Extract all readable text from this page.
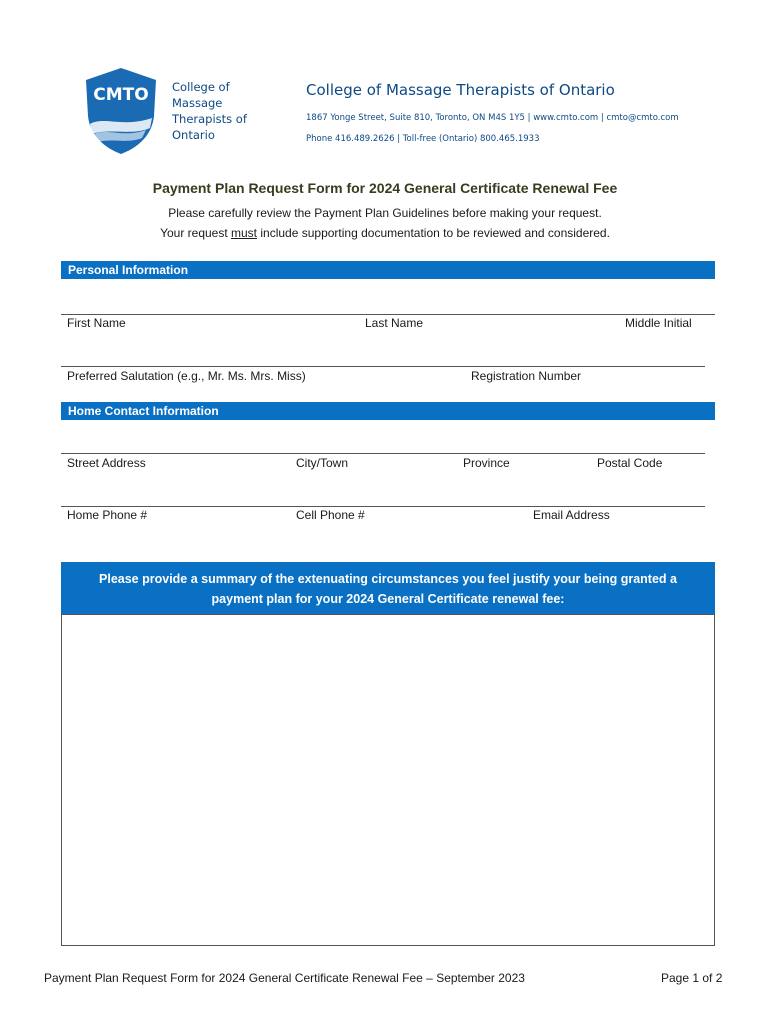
CMTO College of
Massage
Therapists of
Ontario
College of Massage Therapists of Ontario
1867 Yonge Street, Suite 810, Toronto, ON M4S 1Y5 | www.cmto.com | cmto@cmto.com
Phone 416.489.2626 | Toll-free (Ontario) 800.465.1933
Payment Plan Request Form for 2024 General Certificate Renewal Fee
Please carefully review the Payment Plan Guidelines before making your request.
Your request must include supporting documentation to be reviewed and considered.
Personal Information
First Name	Last Name	Middle Initial
Preferred Salutation (e.g., Mr. Ms. Mrs. Miss)	Registration Number
Home Contact Information
Street Address	City/Town	Province	Postal Code
Home Phone #	Cell Phone #	Email Address
Please provide a summary of the extenuating circumstances you feel justify your being granted a
payment plan for your 2024 General Certificate renewal fee:
Payment Plan Request Form for 2024 General Certificate Renewal Fee – September 2023	Page 1 of 2
